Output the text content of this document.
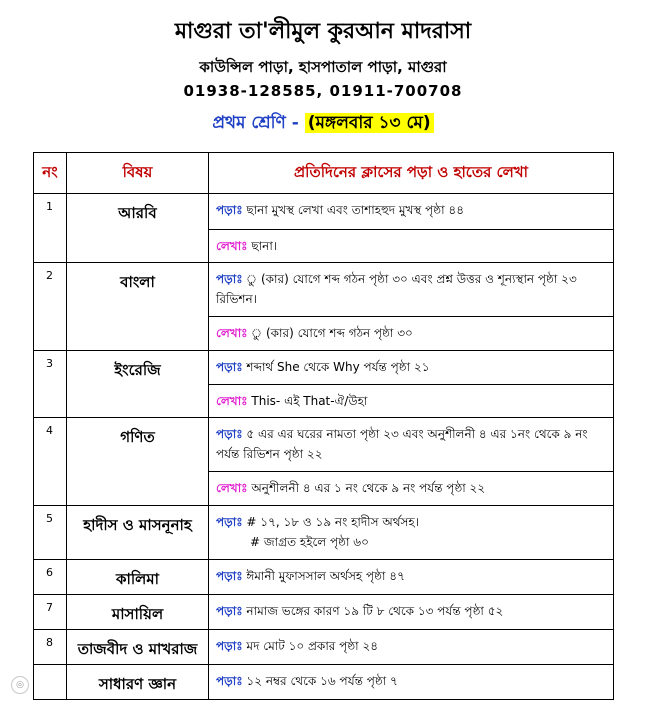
মাগুরা তা'লীমুল কুরআন মাদরাসা
কাউন্সিল পাড়া, হাসপাতাল পাড়া, মাগুরা
01938-128585, 01911-700708
প্রথম শ্রেণি - (মঙ্গলবার ১৩ মে)
নং	বিষয়	প্রতিদিনের ক্লাসের পড়া ও হাতের লেখা
1	আরবি	পড়াঃ ছানা মুখস্থ লেখা এবং তাশাহহুদ মুখস্থ পৃষ্ঠা ৪৪
		লেখাঃ ছানা।
2	বাংলা	পড়াঃ ু (কার) যোগে শব্দ গঠন পৃষ্ঠা ৩০ এবং প্রশ্ন উত্তর ও শূন্যস্থান পৃষ্ঠা ২৩ রিভিশন।
		লেখাঃ ু (কার) যোগে শব্দ গঠন পৃষ্ঠা ৩০
3	ইংরেজি	পড়াঃ শব্দার্থ She থেকে Why পর্যন্ত পৃষ্ঠা ২১
		লেখাঃ This- এই That-ঐ/উহা
4	গণিত	পড়াঃ ৫ এর এর ঘরের নামতা পৃষ্ঠা ২৩ এবং অনুশীলনী ৪ এর ১নং থেকে ৯ নং পর্যন্ত রিভিশন পৃষ্ঠা ২২
		লেখাঃ অনুশীলনী ৪ এর ১ নং থেকে ৯ নং পর্যন্ত পৃষ্ঠা ২২
5	হাদীস ও মাসনূনাহ	পড়াঃ # ১৭, ১৮ ও ১৯ নং হাদীস অর্থসহ।
# জাগ্রত হইলে পৃষ্ঠা ৬০
6	কালিমা	পড়াঃ ঈমানী মুফাসসাল অর্থসহ পৃষ্ঠা ৪৭
7	মাসায়িল	পড়াঃ নামাজ ভঙ্গের কারণ ১৯ টি ৮ থেকে ১৩ পর্যন্ত পৃষ্ঠা ৫২
8	তাজবীদ ও মাখরাজ	পড়াঃ মদ মোট ১০ প্রকার পৃষ্ঠা ২৪
	সাধারণ জ্ঞান	পড়াঃ ১২ নম্বর থেকে ১৬ পর্যন্ত পৃষ্ঠা ৭
◎
